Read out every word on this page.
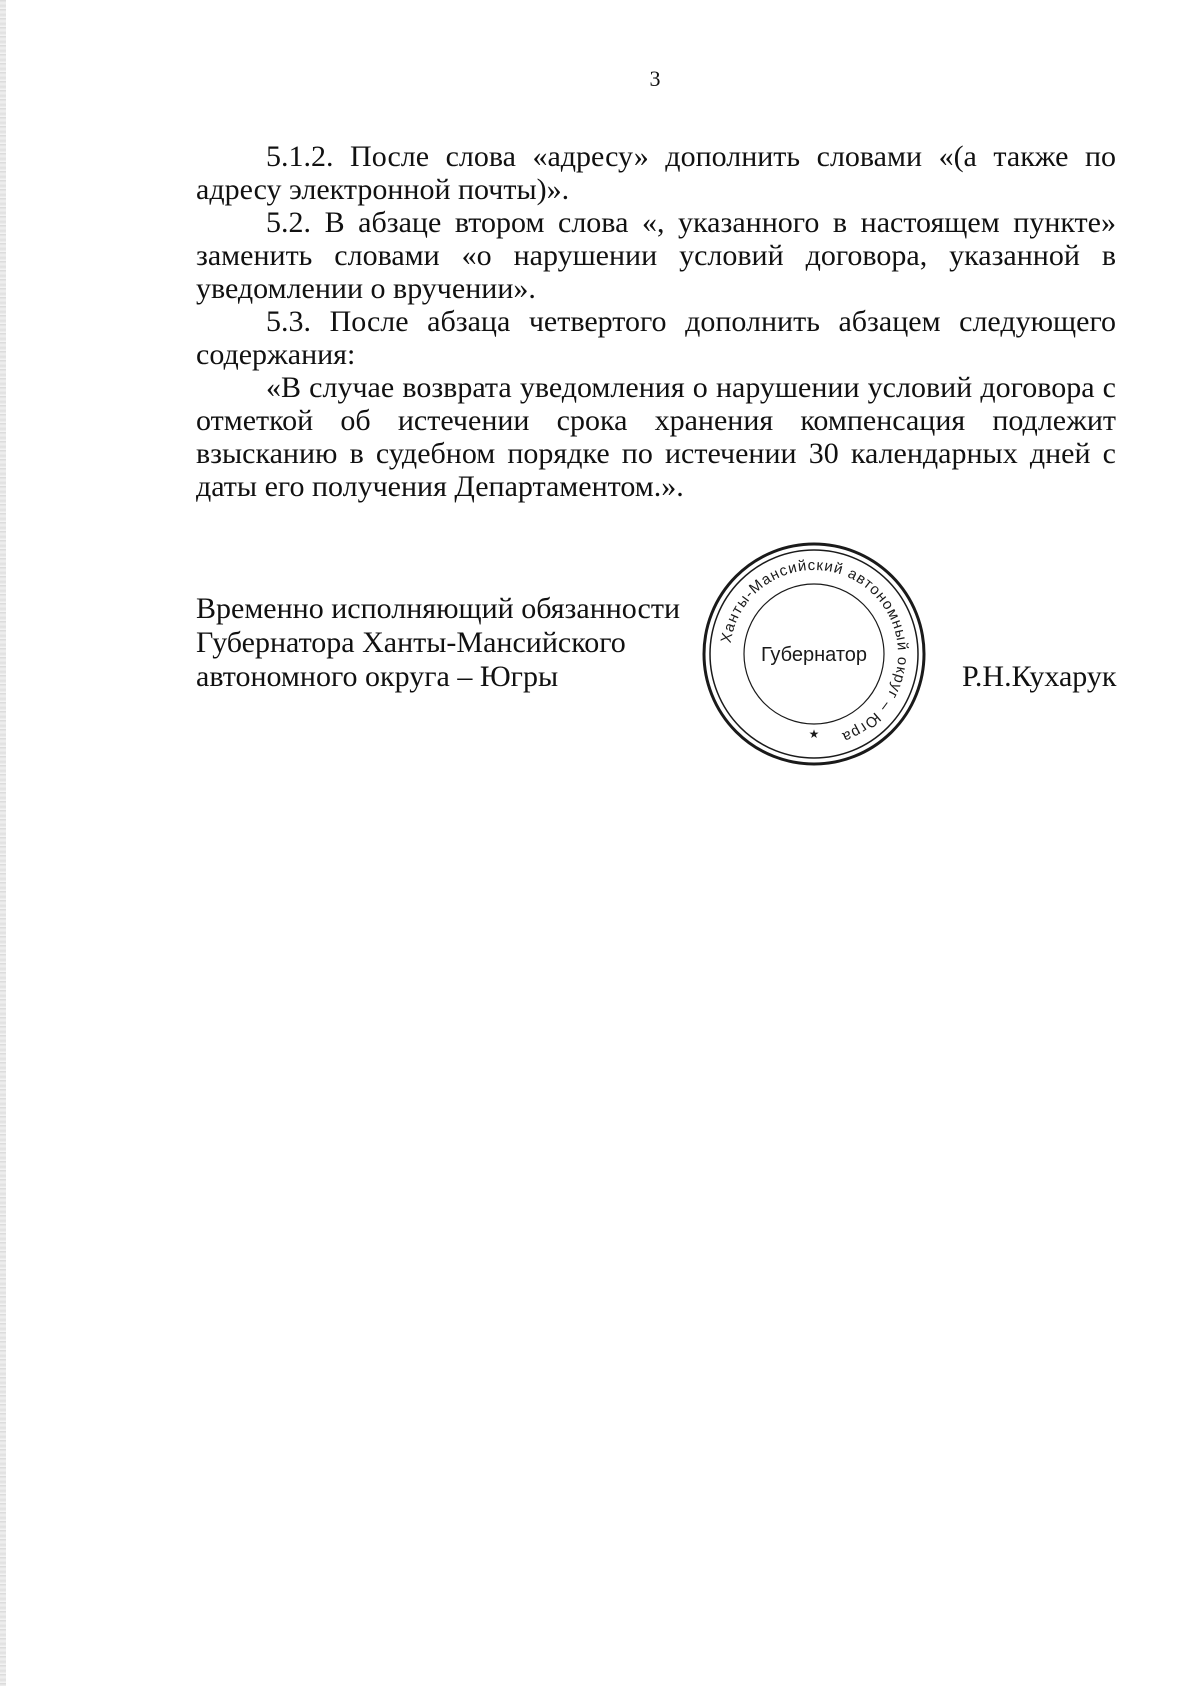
3

5.1.2. После слова «адресу» дополнить словами «(а также по адресу электронной почты)».

5.2. В абзаце втором слова «, указанного в настоящем пункте» заменить словами «о нарушении условий договора, указанной в уведомлении о вручении».

5.3. После абзаца четвертого дополнить абзацем следующего содержания:

«В случае возврата уведомления о нарушении условий договора с отметкой об истечении срока хранения компенсация подлежит взысканию в судебном порядке по истечении 30 календарных дней с даты его получения Департаментом.».

Временно исполняющий обязанности
Губернатора Ханты-Мансийского
автономного округа – Югры
Ханты-Мансийский автономный округ – Югра
Губернатор
★
Р.Н.Кухарук
